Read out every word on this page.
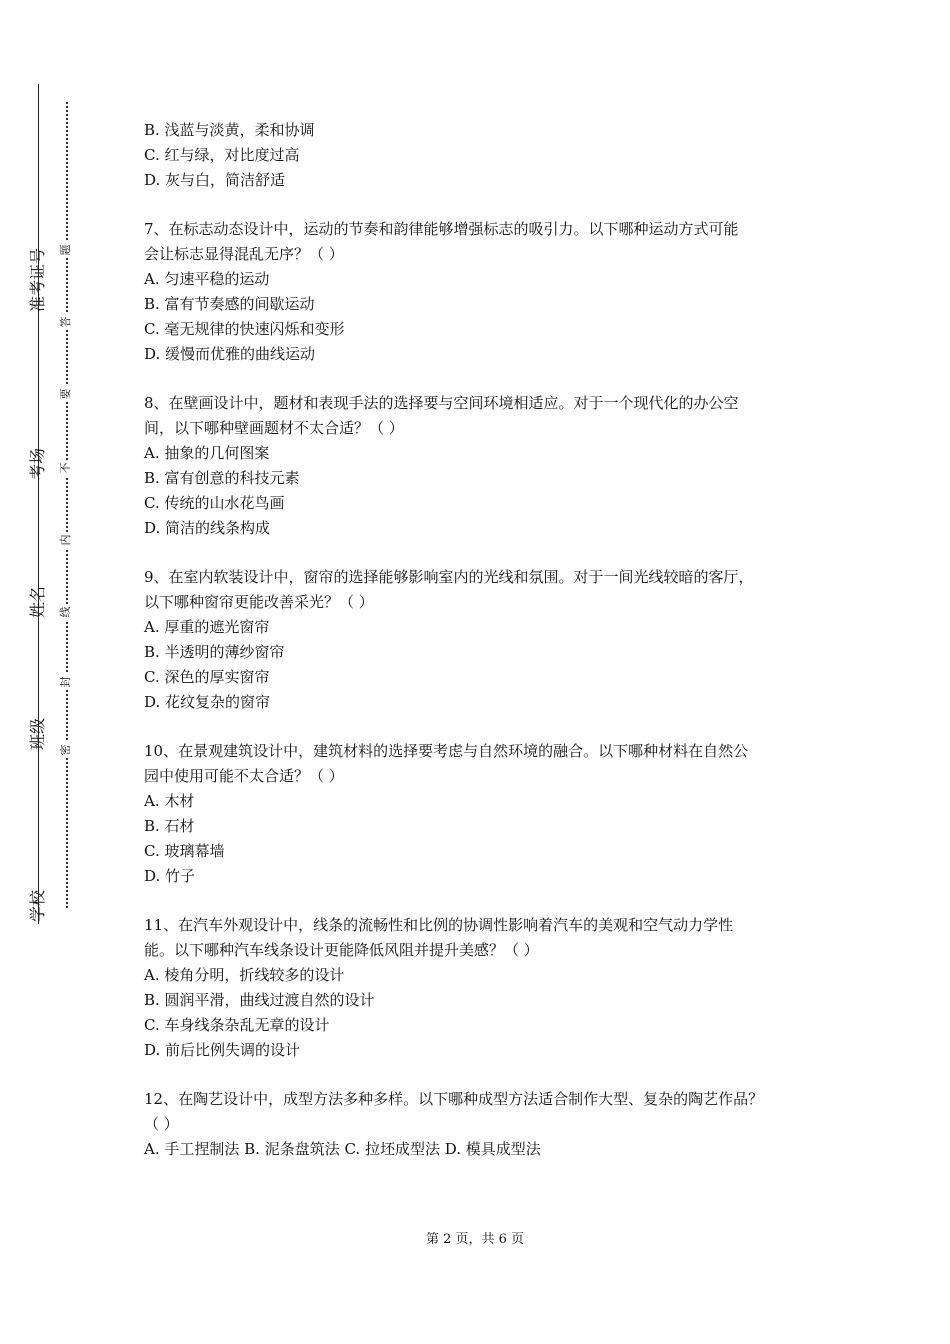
学校
班级
姓名
考场
准考证号
密
封
线
内
不
要
答
题
B. 浅蓝与淡黄，柔和协调
C. 红与绿，对比度过高
D. 灰与白，简洁舒适
7、在标志动态设计中，运动的节奏和韵律能够增强标志的吸引力。以下哪种运动方式可能
会让标志显得混乱无序？（ ）
A. 匀速平稳的运动
B. 富有节奏感的间歇运动
C. 毫无规律的快速闪烁和变形
D. 缓慢而优雅的曲线运动
8、在壁画设计中，题材和表现手法的选择要与空间环境相适应。对于一个现代化的办公空
间，以下哪种壁画题材不太合适？（ ）
A. 抽象的几何图案
B. 富有创意的科技元素
C. 传统的山水花鸟画
D. 简洁的线条构成
9、在室内软装设计中，窗帘的选择能够影响室内的光线和氛围。对于一间光线较暗的客厅，
以下哪种窗帘更能改善采光？（ ）
A. 厚重的遮光窗帘
B. 半透明的薄纱窗帘
C. 深色的厚实窗帘
D. 花纹复杂的窗帘
10、在景观建筑设计中，建筑材料的选择要考虑与自然环境的融合。以下哪种材料在自然公
园中使用可能不太合适？（ ）
A. 木材
B. 石材
C. 玻璃幕墙
D. 竹子
11、在汽车外观设计中，线条的流畅性和比例的协调性影响着汽车的美观和空气动力学性
能。以下哪种汽车线条设计更能降低风阻并提升美感？（ ）
A. 棱角分明，折线较多的设计
B. 圆润平滑，曲线过渡自然的设计
C. 车身线条杂乱无章的设计
D. 前后比例失调的设计
12、在陶艺设计中，成型方法多种多样。以下哪种成型方法适合制作大型、复杂的陶艺作品？
（ ）
A. 手工捏制法 B. 泥条盘筑法 C. 拉坯成型法 D. 模具成型法
第 2 页，共 6 页
